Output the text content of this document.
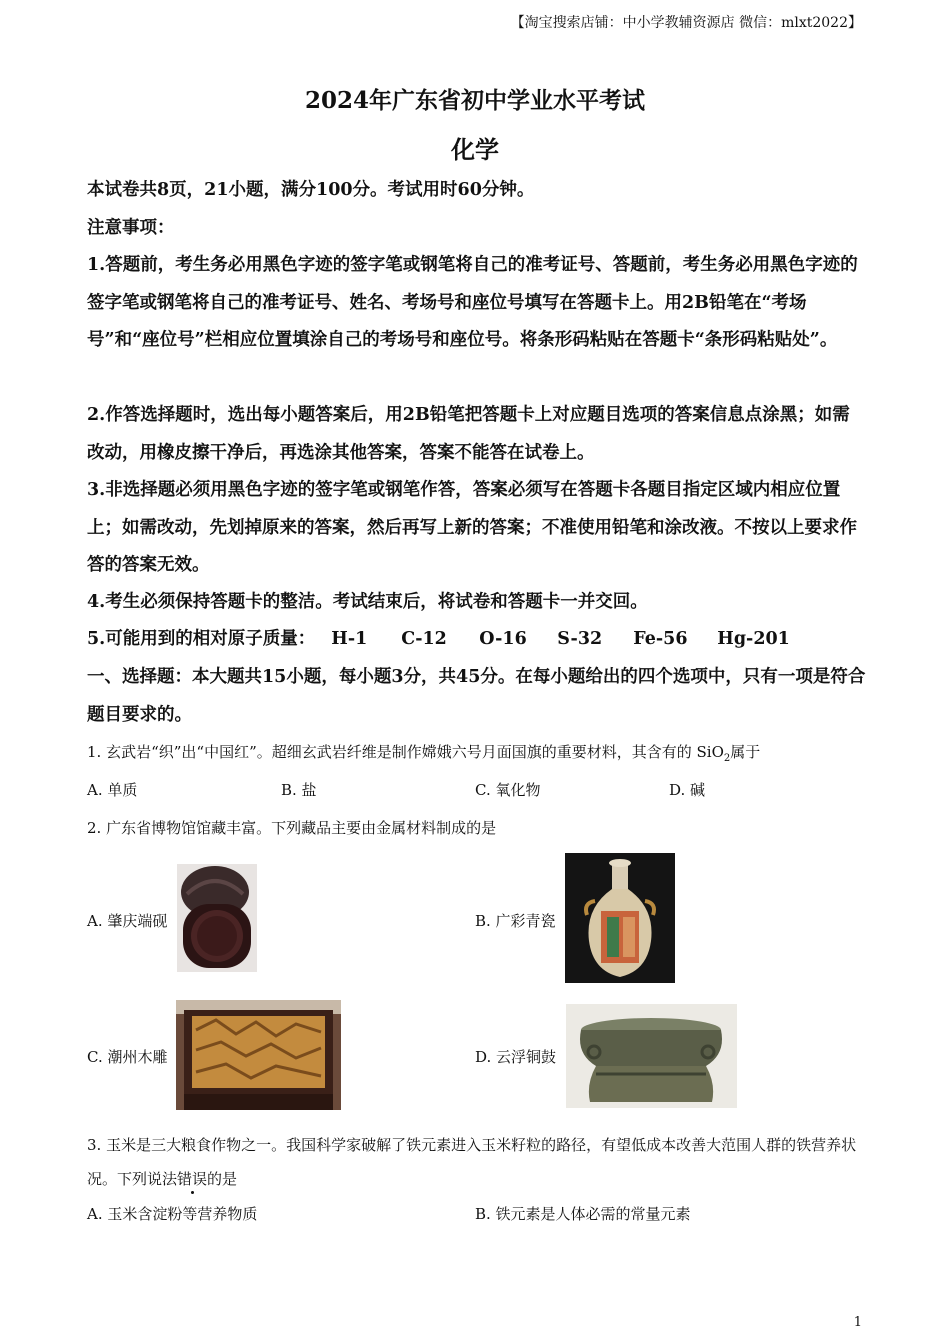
【淘宝搜索店铺：中小学教辅资源店 微信：mlxt2022】
2024年广东省初中学业水平考试
化学
本试卷共8页，21小题，满分100分。考试用时60分钟。
注意事项：
1.答题前，考生务必用黑色字迹的签字笔或钢笔将自己的准考证号、答题前，考生务必用黑色字迹的签字笔或钢笔将自己的准考证号、姓名、考场号和座位号填写在答题卡上。用2B铅笔在“考场号”和“座位号”栏相应位置填涂自己的考场号和座位号。将条形码粘贴在答题卡“条形码粘贴处”。
2.作答选择题时，选出每小题答案后，用2B铅笔把答题卡上对应题目选项的答案信息点涂黑；如需改动，用橡皮擦干净后，再选涂其他答案，答案不能答在试卷上。
3.非选择题必须用黑色字迹的签字笔或钢笔作答，答案必须写在答题卡各题目指定区域内相应位置上；如需改动，先划掉原来的答案，然后再写上新的答案；不准使用铅笔和涂改液。不按以上要求作答的答案无效。
4.考生必须保持答题卡的整洁。考试结束后，将试卷和答题卡一并交回。
5.可能用到的相对原子质量： H-1 C-12 O-16 S-32 Fe-56 Hg-201
一、选择题：本大题共15小题，每小题3分，共45分。在每小题给出的四个选项中，只有一项是符合题目要求的。
1. 玄武岩“织”出“中国红”。超细玄武岩纤维是制作嫦娥六号月面国旗的重要材料，其含有的 SiO$_2$属于
A. 单质	B. 盐	C. 氧化物	D. 碱
2. 广东省博物馆馆藏丰富。下列藏品主要由金属材料制成的是
A. 肇庆端砚	B. 广彩青瓷
C. 潮州木雕	D. 云浮铜鼓
3. 玉米是三大粮食作物之一。我国科学家破解了铁元素进入玉米籽粒的路径，有望低成本改善大范围人群的铁营养状况。下列说法错误的是
A. 玉米含淀粉等营养物质	B. 铁元素是人体必需的常量元素
1
